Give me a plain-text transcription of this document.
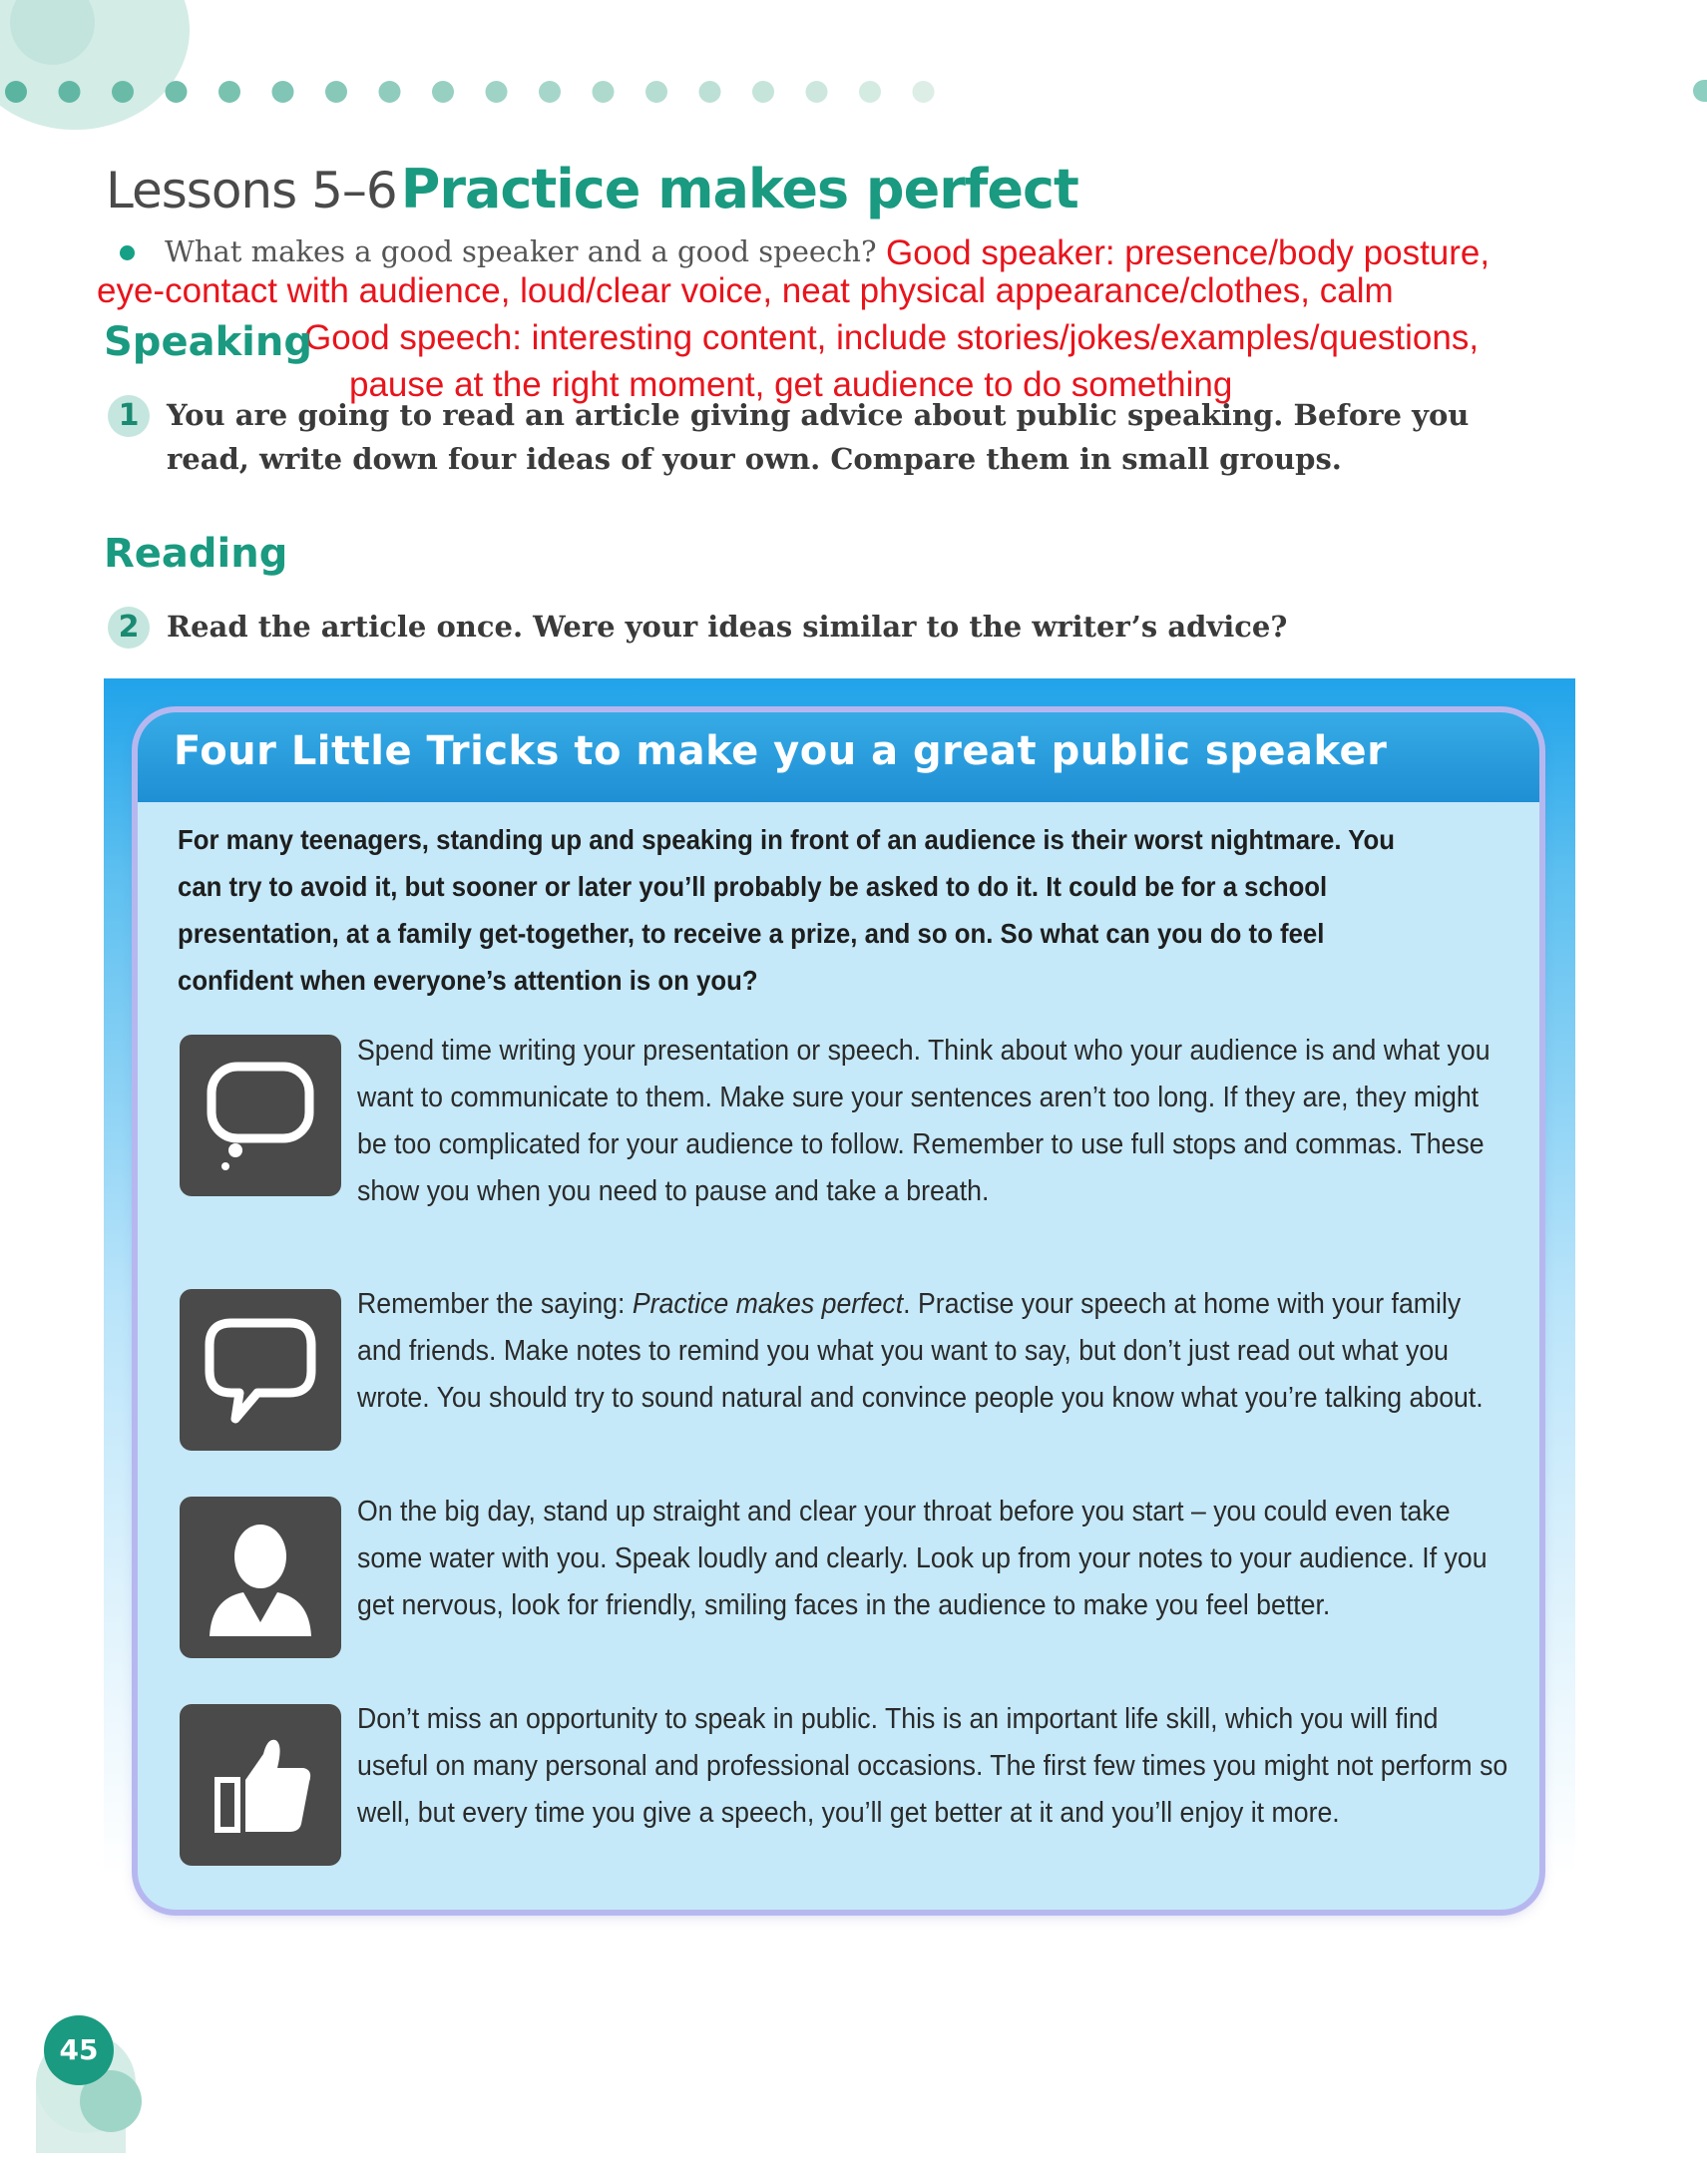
Lessons 5–6 Practice makes perfect
What makes a good speaker and a good speech? Good speaker: presence/body posture,
eye-contact with audience, loud/clear voice, neat physical appearance/clothes, calm
Good speech: interesting content, include stories/jokes/examples/questions,
pause at the right moment, get audience to do something
Speaking
1 You are going to read an article giving advice about public speaking. Before you
read, write down four ideas of your own. Compare them in small groups.
Reading
2 Read the article once. Were your ideas similar to the writer’s advice?
Four Little Tricks to make you a great public speaker
For many teenagers, standing up and speaking in front of an audience is their worst nightmare. You can try to avoid it, but sooner or later you’ll probably be asked to do it. It could be for a school presentation, at a family get-together, to receive a prize, and so on. So what can you do to feel confident when everyone’s attention is on you?
Spend time writing your presentation or speech. Think about who your audience is and what you want to communicate to them. Make sure your sentences aren’t too long. If they are, they might be too complicated for your audience to follow. Remember to use full stops and commas. These show you when you need to pause and take a breath.
Remember the saying: Practice makes perfect. Practise your speech at home with your family and friends. Make notes to remind you what you want to say, but don’t just read out what you wrote. You should try to sound natural and convince people you know what you’re talking about.
On the big day, stand up straight and clear your throat before you start – you could even take some water with you. Speak loudly and clearly. Look up from your notes to your audience. If you get nervous, look for friendly, smiling faces in the audience to make you feel better.
Don’t miss an opportunity to speak in public. This is an important life skill, which you will find useful on many personal and professional occasions. The first few times you might not perform so well, but every time you give a speech, you’ll get better at it and you’ll enjoy it more.
45
